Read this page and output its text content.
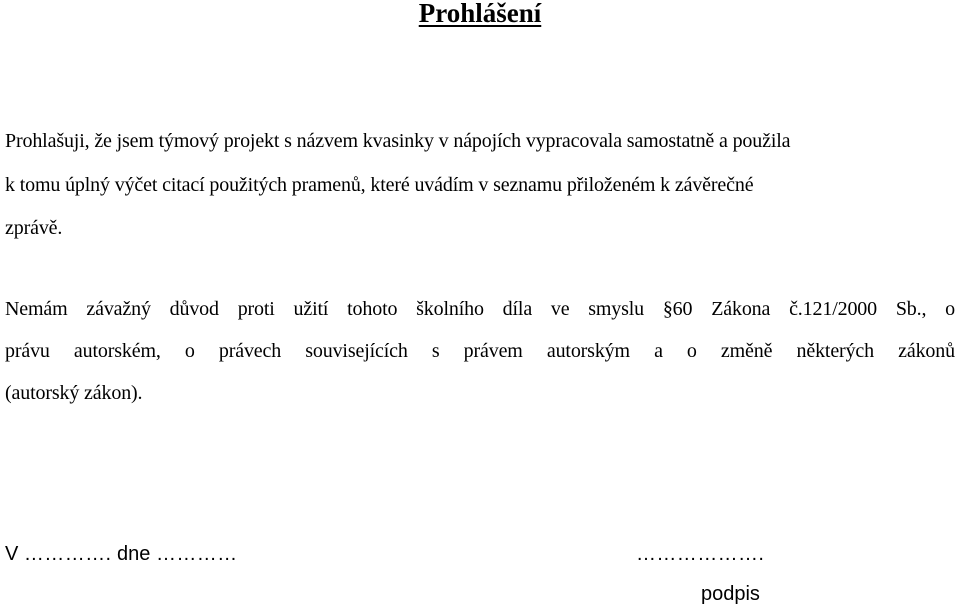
Prohlášení
Prohlašuji, že jsem týmový projekt s názvem kvasinky v nápojích vypracovala samostatně a použila
k tomu úplný výčet citací použitých pramenů, které uvádím v seznamu přiloženém k závěrečné
zprávě.
Nemám závažný důvod proti užití tohoto školního díla ve smyslu §60 Zákona č.121/2000 Sb., o
právu autorském, o právech souvisejících s právem autorským a o změně některých zákonů
(autorský zákon).
V …………. dne …………	……………….
podpis
